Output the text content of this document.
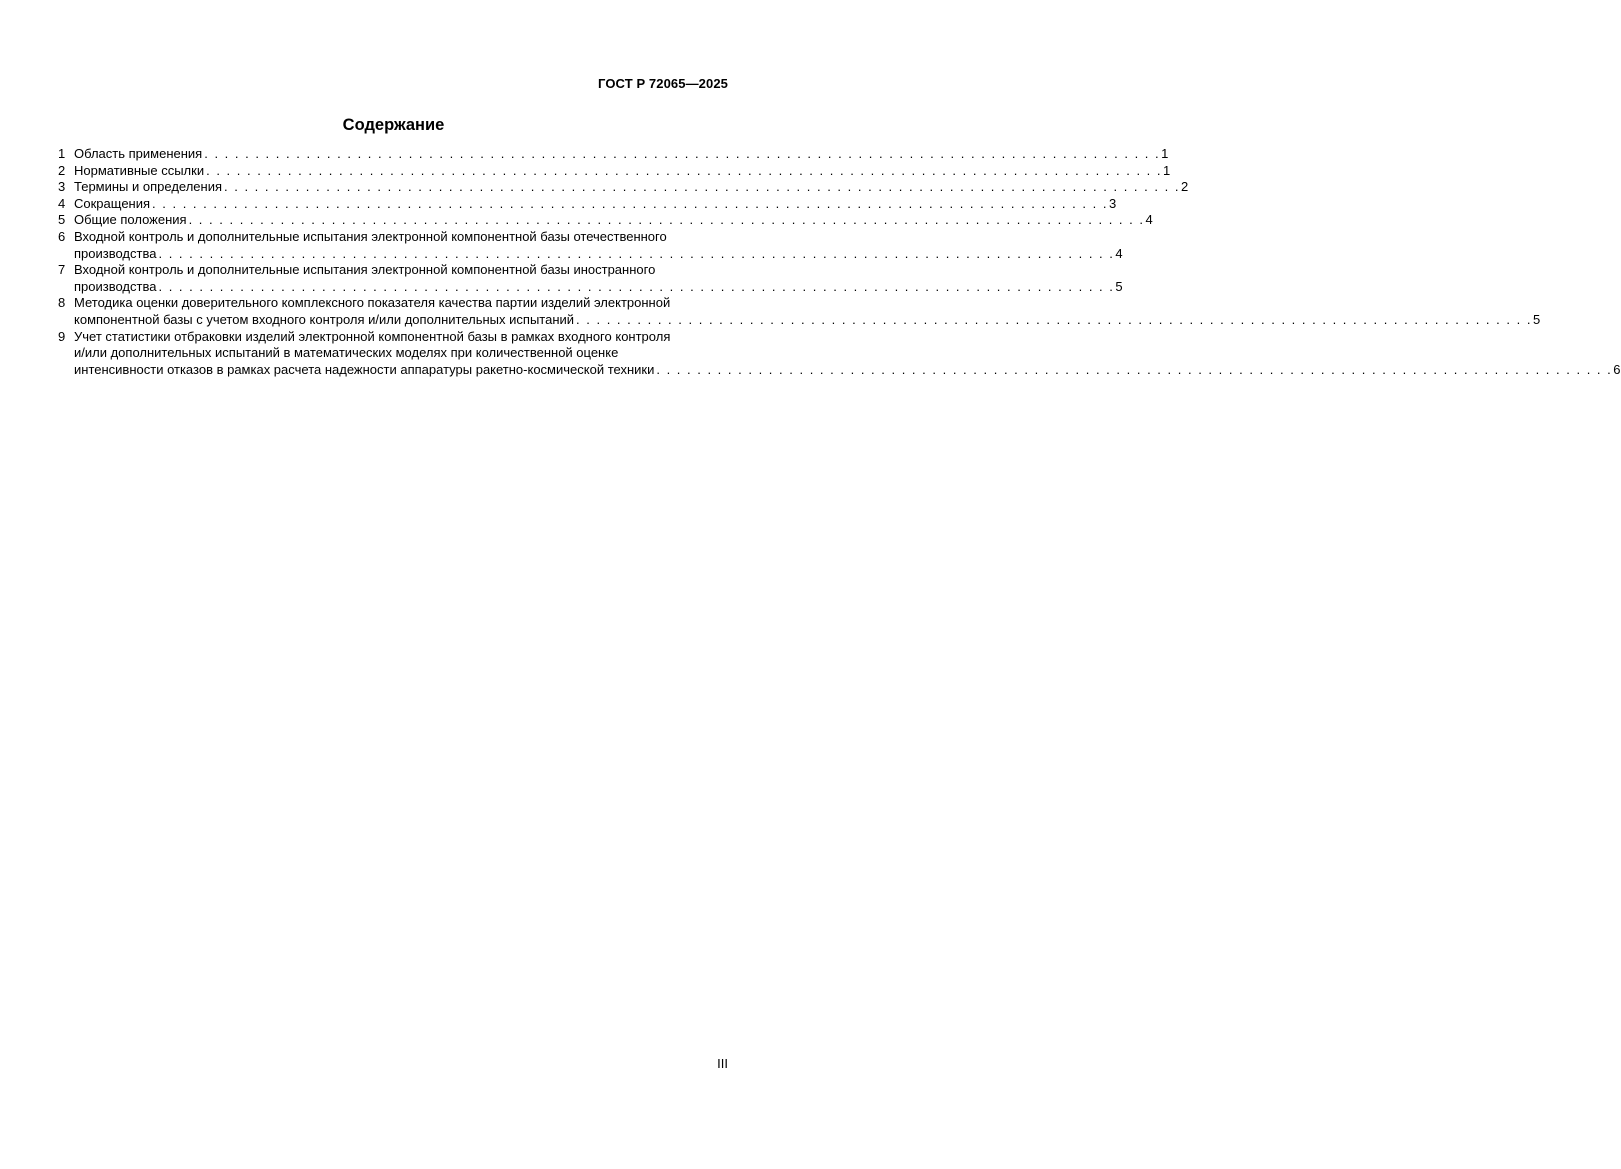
ГОСТ Р 72065—2025
Содержание
1 Область применения . . . . . . . . . . . . . . . . . . . . . . . . . . . . . . . . . . . . . . . . . . . . . . . . . . . . . . . . . . . . . . . . . . . . . . . . . . . . . . . . . . . . . . . . . . . . . . 1
2 Нормативные ссылки . . . . . . . . . . . . . . . . . . . . . . . . . . . . . . . . . . . . . . . . . . . . . . . . . . . . . . . . . . . . . . . . . . . . . . . . . . . . . . . . . . . . . . . . . . . . . . 1
3 Термины и определения . . . . . . . . . . . . . . . . . . . . . . . . . . . . . . . . . . . . . . . . . . . . . . . . . . . . . . . . . . . . . . . . . . . . . . . . . . . . . . . . . . . . . . . . . . . . . . 2
4 Сокращения . . . . . . . . . . . . . . . . . . . . . . . . . . . . . . . . . . . . . . . . . . . . . . . . . . . . . . . . . . . . . . . . . . . . . . . . . . . . . . . . . . . . . . . . . . . . . . 3
5 Общие положения . . . . . . . . . . . . . . . . . . . . . . . . . . . . . . . . . . . . . . . . . . . . . . . . . . . . . . . . . . . . . . . . . . . . . . . . . . . . . . . . . . . . . . . . . . . . . . 4
6 Входной контроль и дополнительные испытания электронной компонентной базы отечественного
производства . . . . . . . . . . . . . . . . . . . . . . . . . . . . . . . . . . . . . . . . . . . . . . . . . . . . . . . . . . . . . . . . . . . . . . . . . . . . . . . . . . . . . . . . . . . . . . 4
7 Входной контроль и дополнительные испытания электронной компонентной базы иностранного
производства . . . . . . . . . . . . . . . . . . . . . . . . . . . . . . . . . . . . . . . . . . . . . . . . . . . . . . . . . . . . . . . . . . . . . . . . . . . . . . . . . . . . . . . . . . . . . . 5
8 Методика оценки доверительного комплексного показателя качества партии изделий электронной
компонентной базы с учетом входного контроля и/или дополнительных испытаний . . . . . . . . . . . . . . . . . . . . . . . . . . . . . . . . . . . . . . . . . . . . . . . . . . . . . . . . . . . . . . . . . . . . . . . . . . . . . . . . . . . . . . . . . . . . . . 5
9 Учет статистики отбраковки изделий электронной компонентной базы в рамках входного контроля
и/или дополнительных испытаний в математических моделях при количественной оценке
интенсивности отказов в рамках расчета надежности аппаратуры ракетно-космической техники . . . . . . . . . . . . . . . . . . . . . . . . . . . . . . . . . . . . . . . . . . . . . . . . . . . . . . . . . . . . . . . . . . . . . . . . . . . . . . . . . . . . . . . . . . . . . . 6
III
